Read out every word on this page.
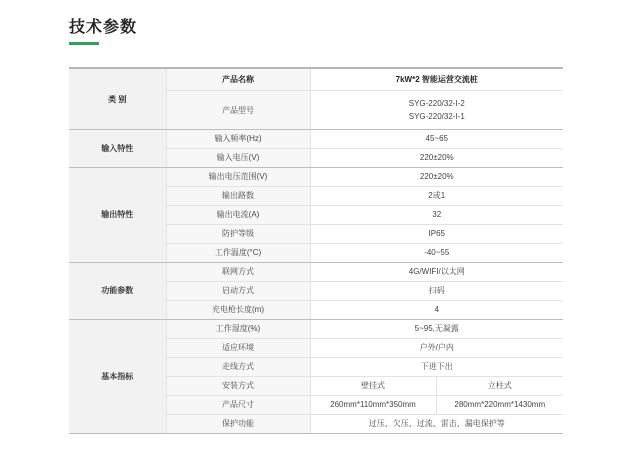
技术参数
类 别	产品名称	7kW*2 智能运营交流桩	
	产品型号	SYG-220/32-I-2
SYG-220/32-I-1	

输入特性	输入频率(Hz)	45~65	
	输入电压(V)	220±20%	
输出特性	输出电压范围(V)	220±20%	
	输出路数	2或1	
	输出电流(A)	32	
	防护等级	IP65	
	工作温度(°C)	-40~55	
功能参数	联网方式	4G/WIFI/以太网	
	启动方式	扫码	
	充电枪长度(m)	4	
基本指标	工作湿度(%)	5~95,无凝露	
	适应环境	户外/户内	
	走线方式	下进下出	
	安装方式	壁挂式	立柱式
	产品尺寸	260mm*110mm*350mm	280mm*220mm*1430mm
	保护功能	过压、欠压、过流、雷击、漏电保护等	
